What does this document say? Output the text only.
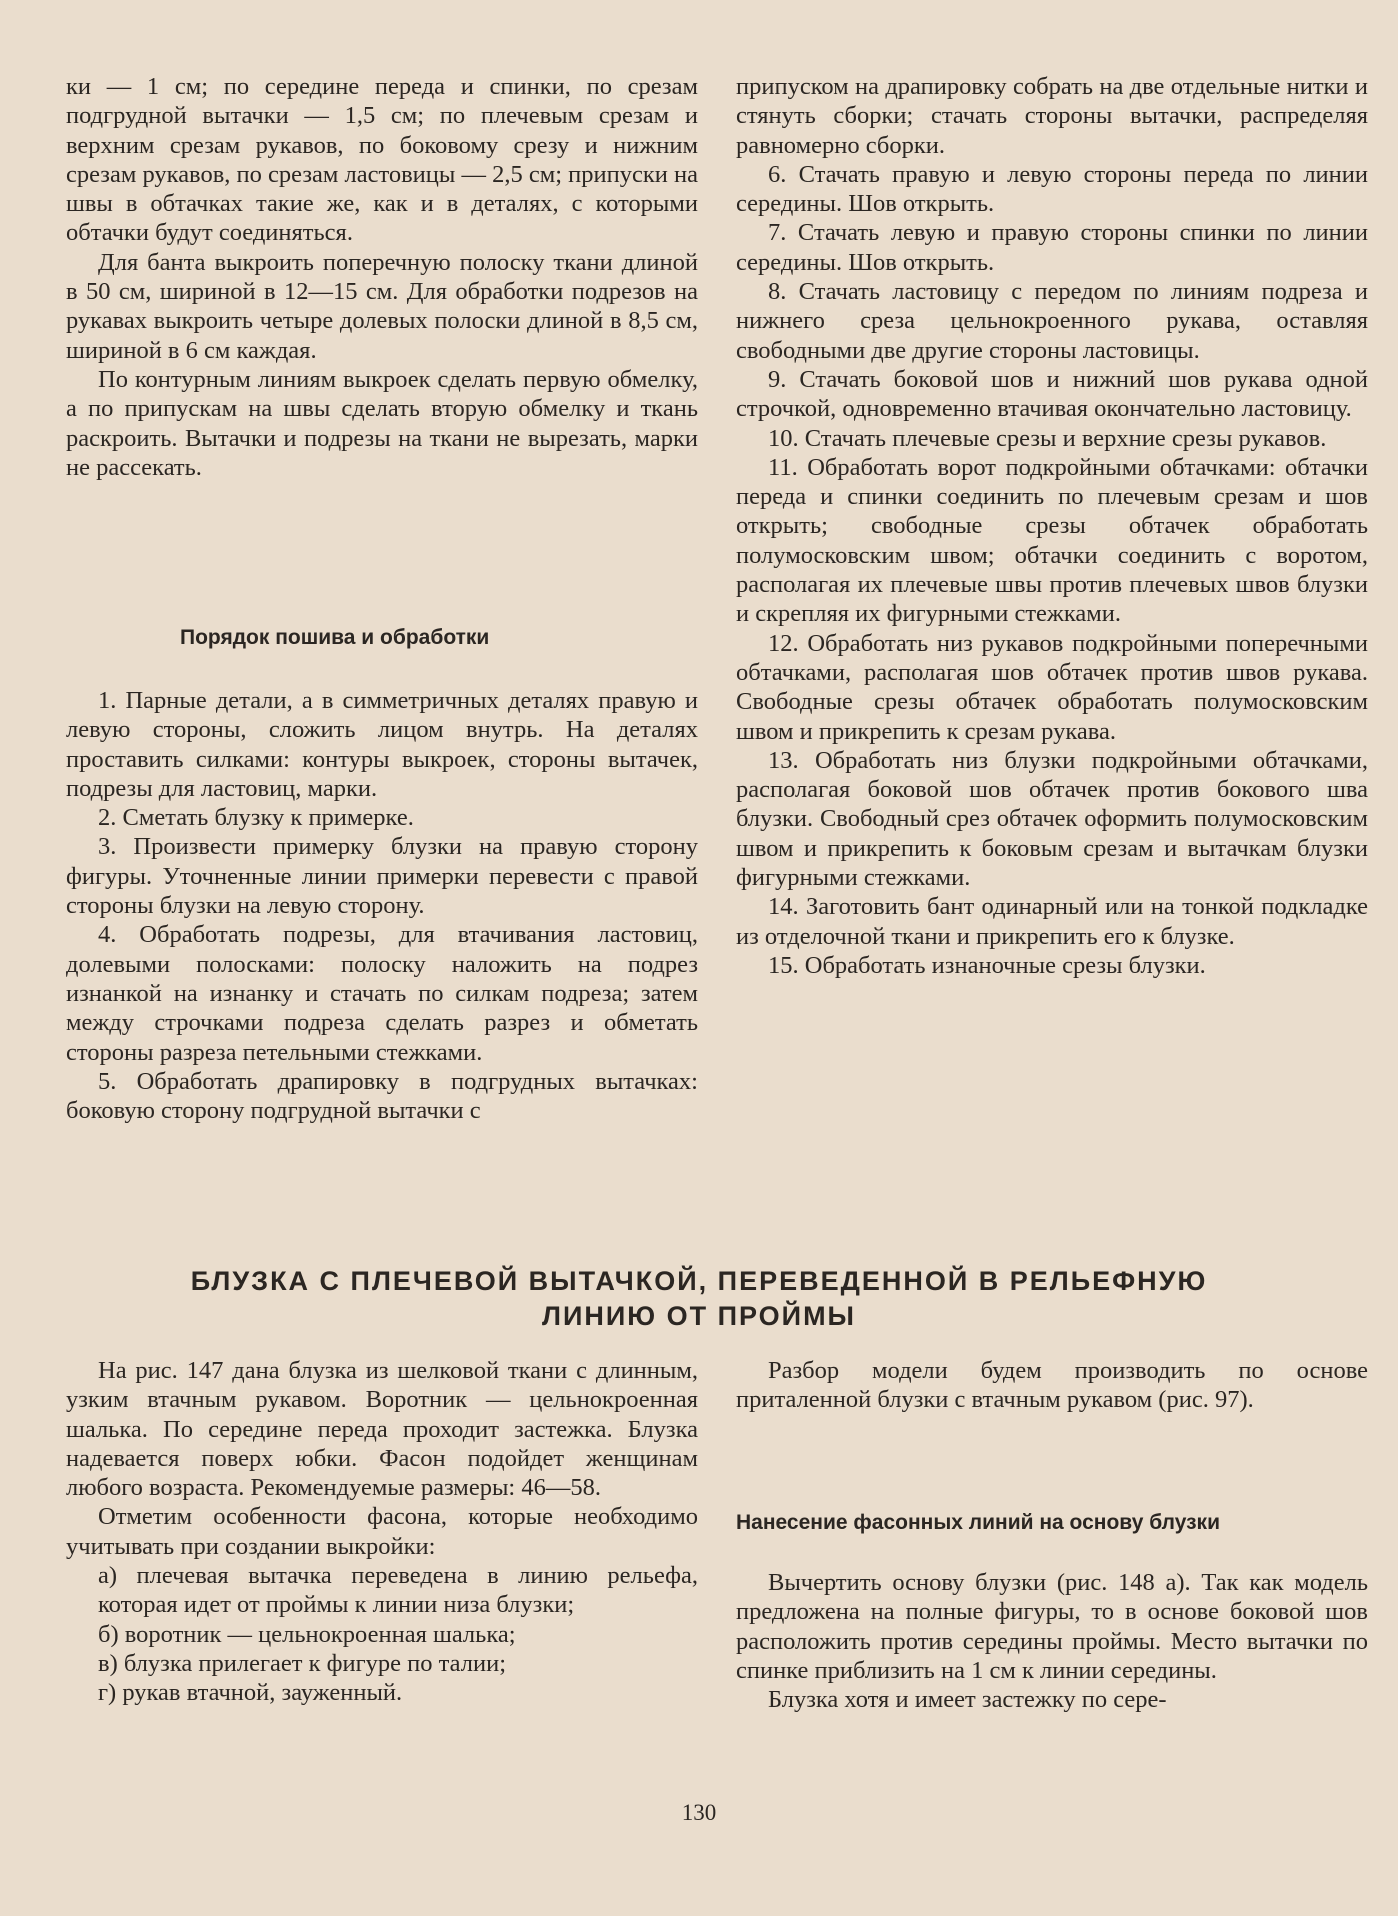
ки — 1 см; по середине переда и спинки, по срезам подгрудной вытачки — 1,5 см; по плечевым срезам и верхним срезам рукавов, по боковому срезу и нижним срезам рукавов, по срезам ластовицы — 2,5 см; припуски на швы в обтачках такие же, как и в деталях, с которыми обтачки будут соединяться.

Для банта выкроить поперечную полоску ткани длиной в 50 см, шириной в 12—15 см. Для обработки подрезов на рукавах выкроить четыре долевых полоски длиной в 8,5 см, шириной в 6 см каждая.

По контурным линиям выкроек сделать первую обмелку, а по припускам на швы сделать вторую обмелку и ткань раскроить. Вытачки и подрезы на ткани не вырезать, марки не рассекать.

Порядок пошива и обработки

1. Парные детали, а в симметричных деталях правую и левую стороны, сложить лицом внутрь. На деталях проставить силками: контуры выкроек, стороны вытачек, подрезы для ластовиц, марки.

2. Сметать блузку к примерке.

3. Произвести примерку блузки на правую сторону фигуры. Уточненные линии примерки перевести с правой стороны блузки на левую сторону.

4. Обработать подрезы, для втачивания ластовиц, долевыми полосками: полоску наложить на подрез изнанкой на изнанку и стачать по силкам подреза; затем между строчками подреза сделать разрез и обметать стороны разреза петельными стежками.

5. Обработать драпировку в подгрудных вытачках: боковую сторону подгрудной вытачки с

припуском на драпировку собрать на две отдельные нитки и стянуть сборки; стачать стороны вытачки, распределяя равномерно сборки.

6. Стачать правую и левую стороны переда по линии середины. Шов открыть.

7. Стачать левую и правую стороны спинки по линии середины. Шов открыть.

8. Стачать ластовицу с передом по линиям подреза и нижнего среза цельнокроенного рукава, оставляя свободными две другие стороны ластовицы.

9. Стачать боковой шов и нижний шов рукава одной строчкой, одновременно втачивая окончательно ластовицу.

10. Стачать плечевые срезы и верхние срезы рукавов.

11. Обработать ворот подкройными обтачками: обтачки переда и спинки соединить по плечевым срезам и шов открыть; свободные срезы обтачек обработать полумосковским швом; обтачки соединить с воротом, располагая их плечевые швы против плечевых швов блузки и скрепляя их фигурными стежками.

12. Обработать низ рукавов подкройными поперечными обтачками, располагая шов обтачек против швов рукава. Свободные срезы обтачек обработать полумосковским швом и прикрепить к срезам рукава.

13. Обработать низ блузки подкройными обтачками, располагая боковой шов обтачек против бокового шва блузки. Свободный срез обтачек оформить полумосковским швом и прикрепить к боковым срезам и вытачкам блузки фигурными стежками.

14. Заготовить бант одинарный или на тонкой подкладке из отделочной ткани и прикрепить его к блузке.

15. Обработать изнаночные срезы блузки.

БЛУЗКА С ПЛЕЧЕВОЙ ВЫТАЧКОЙ, ПЕРЕВЕДЕННОЙ В РЕЛЬЕФНУЮ
ЛИНИЮ ОТ ПРОЙМЫ

На рис. 147 дана блузка из шелковой ткани с длинным, узким втачным рукавом. Воротник — цельнокроенная шалька. По середине переда проходит застежка. Блузка надевается поверх юбки. Фасон подойдет женщинам любого возраста. Рекомендуемые размеры: 46—58.

Отметим особенности фасона, которые необходимо учитывать при создании выкройки:

а) плечевая вытачка переведена в линию рельефа, которая идет от проймы к линии низа блузки;

б) воротник — цельнокроенная шалька;

в) блузка прилегает к фигуре по талии;

г) рукав втачной, зауженный.

Разбор модели будем производить по основе приталенной блузки с втачным рукавом (рис. 97).

Нанесение фасонных линий на основу блузки

Вычертить основу блузки (рис. 148 а). Так как модель предложена на полные фигуры, то в основе боковой шов расположить против середины проймы. Место вытачки по спинке приблизить на 1 см к линии середины.

Блузка хотя и имеет застежку по сере-

130
